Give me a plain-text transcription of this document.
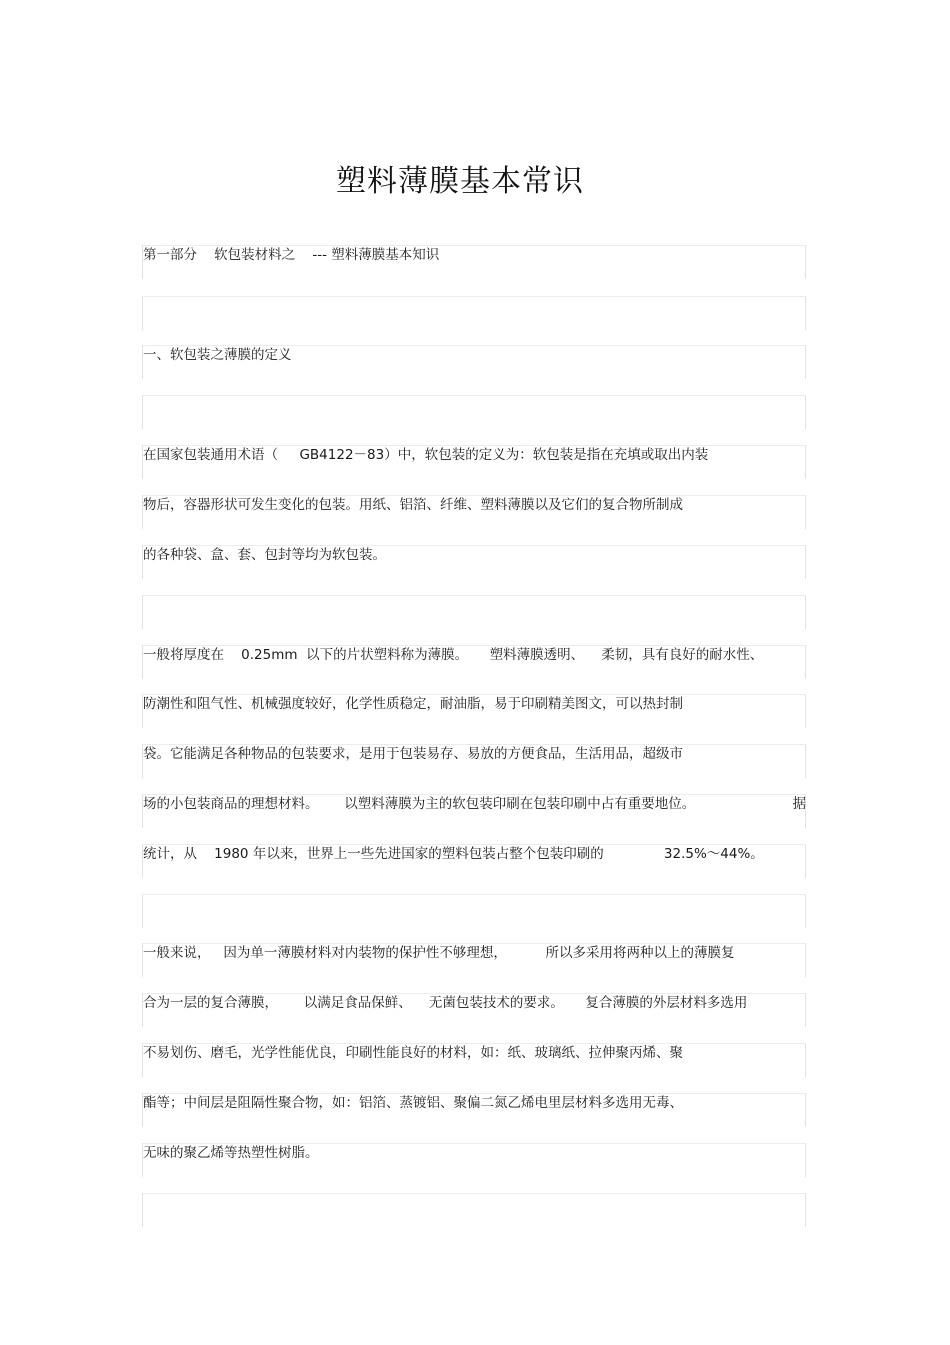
塑料薄膜基本常识
第一部分    软包装材料之    --- 塑料薄膜基本知识
一、软包装之薄膜的定义
在国家包装通用术语（     GB4122－83）中，软包装的定义为：软包装是指在充填或取出内装
物后，容器形状可发生变化的包装。用纸、铝箔、纤维、塑料薄膜以及它们的复合物所制成
的各种袋、盒、套、包封等均为软包装。
一般将厚度在    0.25mm  以下的片状塑料称为薄膜。     塑料薄膜透明、    柔韧，具有良好的耐水性、
防潮性和阻气性、机械强度较好，化学性质稳定，耐油脂，易于印刷精美图文，可以热封制
袋。它能满足各种物品的包装要求，是用于包装易存、易放的方便食品，生活用品，超级市
场的小包装商品的理想材料。      以塑料薄膜为主的软包装印刷在包装印刷中占有重要地位。	据
统计，从    1980 年以来，世界上一些先进国家的塑料包装占整个包装印刷的              32.5%～44%。
一般来说，   因为单一薄膜材料对内装物的保护性不够理想，         所以多采用将两种以上的薄膜复
合为一层的复合薄膜，      以满足食品保鲜、    无菌包装技术的要求。     复合薄膜的外层材料多选用
不易划伤、磨毛，光学性能优良，印刷性能良好的材料，如：纸、玻璃纸、拉伸聚丙烯、聚
酯等；中间层是阻隔性聚合物，如：铝箔、蒸镀铝、聚偏二氮乙烯电里层材料多选用无毒、
无味的聚乙烯等热塑性树脂。
